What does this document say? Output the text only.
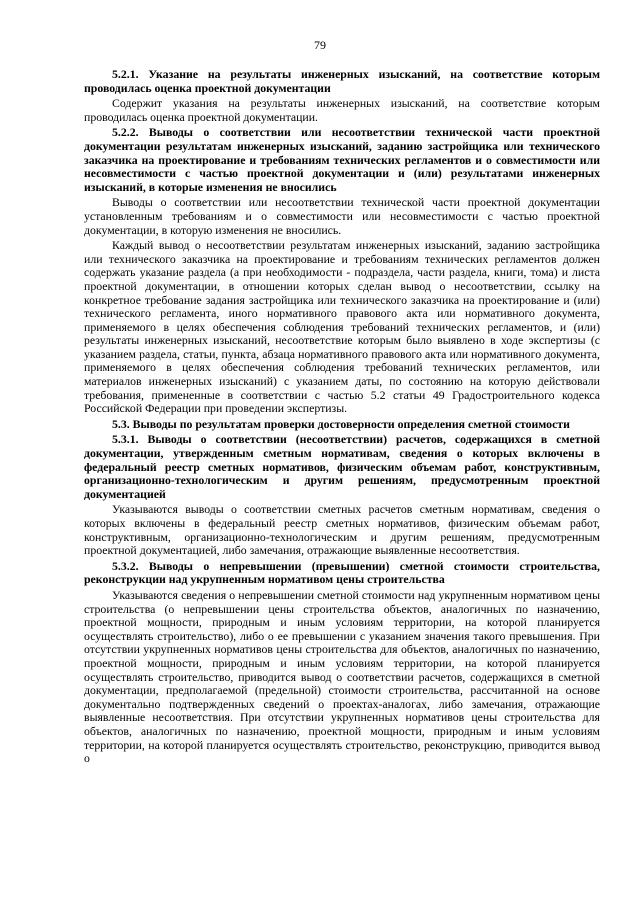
79

5.2.1. Указание на результаты инженерных изысканий, на соответствие которым проводилась оценка проектной документации

Содержит указания на результаты инженерных изысканий, на соответствие которым проводилась оценка проектной документации.

5.2.2. Выводы о соответствии или несоответствии технической части проектной документации результатам инженерных изысканий, заданию застройщика или технического заказчика на проектирование и требованиям технических регламентов и о совместимости или несовместимости с частью проектной документации и (или) результатами инженерных изысканий, в которые изменения не вносились

Выводы о соответствии или несоответствии технической части проектной документации установленным требованиям и о совместимости или несовместимости с частью проектной документации, в которую изменения не вносились.

Каждый вывод о несоответствии результатам инженерных изысканий, заданию застройщика или технического заказчика на проектирование и требованиям технических регламентов должен содержать указание раздела (а при необходимости - подраздела, части раздела, книги, тома) и листа проектной документации, в отношении которых сделан вывод о несоответствии, ссылку на конкретное требование задания застройщика или технического заказчика на проектирование и (или) технического регламента, иного нормативного правового акта или нормативного документа, применяемого в целях обеспечения соблюдения требований технических регламентов, и (или) результаты инженерных изысканий, несоответствие которым было выявлено в ходе экспертизы (с указанием раздела, статьи, пункта, абзаца нормативного правового акта или нормативного документа, применяемого в целях обеспечения соблюдения требований технических регламентов, или материалов инженерных изысканий) с указанием даты, по состоянию на которую действовали требования, примененные в соответствии с частью 5.2 статьи 49 Градостроительного кодекса Российской Федерации при проведении экспертизы.

5.3. Выводы по результатам проверки достоверности определения сметной стоимости

5.3.1. Выводы о соответствии (несоответствии) расчетов, содержащихся в сметной документации, утвержденным сметным нормативам, сведения о которых включены в федеральный реестр сметных нормативов, физическим объемам работ, конструктивным, организационно-технологическим и другим решениям, предусмотренным проектной документацией

Указываются выводы о соответствии сметных расчетов сметным нормативам, сведения о которых включены в федеральный реестр сметных нормативов, физическим объемам работ, конструктивным, организационно-технологическим и другим решениям, предусмотренным проектной документацией, либо замечания, отражающие выявленные несоответствия.

5.3.2. Выводы о непревышении (превышении) сметной стоимости строительства, реконструкции над укрупненным нормативом цены строительства

Указываются сведения о непревышении сметной стоимости над укрупненным нормативом цены строительства (о непревышении цены строительства объектов, аналогичных по назначению, проектной мощности, природным и иным условиям территории, на которой планируется осуществлять строительство), либо о ее превышении с указанием значения такого превышения. При отсутствии укрупненных нормативов цены строительства для объектов, аналогичных по назначению, проектной мощности, природным и иным условиям территории, на которой планируется осуществлять строительство, приводится вывод о соответствии расчетов, содержащихся в сметной документации, предполагаемой (предельной) стоимости строительства, рассчитанной на основе документально подтвержденных сведений о проектах-аналогах, либо замечания, отражающие выявленные несоответствия. При отсутствии укрупненных нормативов цены строительства для объектов, аналогичных по назначению, проектной мощности, природным и иным условиям территории, на которой планируется осуществлять строительство, реконструкцию, приводится вывод о
